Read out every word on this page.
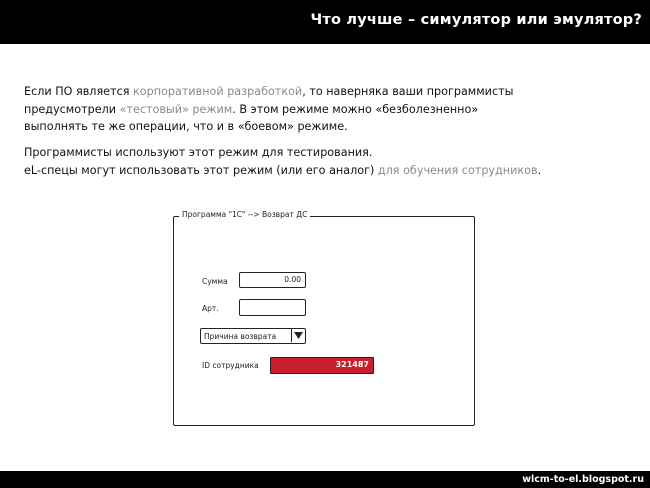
Что лучше – симулятор или эмулятор?
Если ПО является корпоративной разработкой, то наверняка ваши программисты
предусмотрели «тестовый» режим. В этом режиме можно «безболезненно»
выполнять те же операции, что и в «боевом» режиме.
Программисты используют этот режим для тестирования.
eL-спецы могут использовать этот режим (или его аналог) для обучения сотрудников.
Программа "1С" --> Возврат ДС
Сумма	0.00
Арт.
Причина возврата
ID сотрудника	321487
wlcm-to-el.blogspot.ru
